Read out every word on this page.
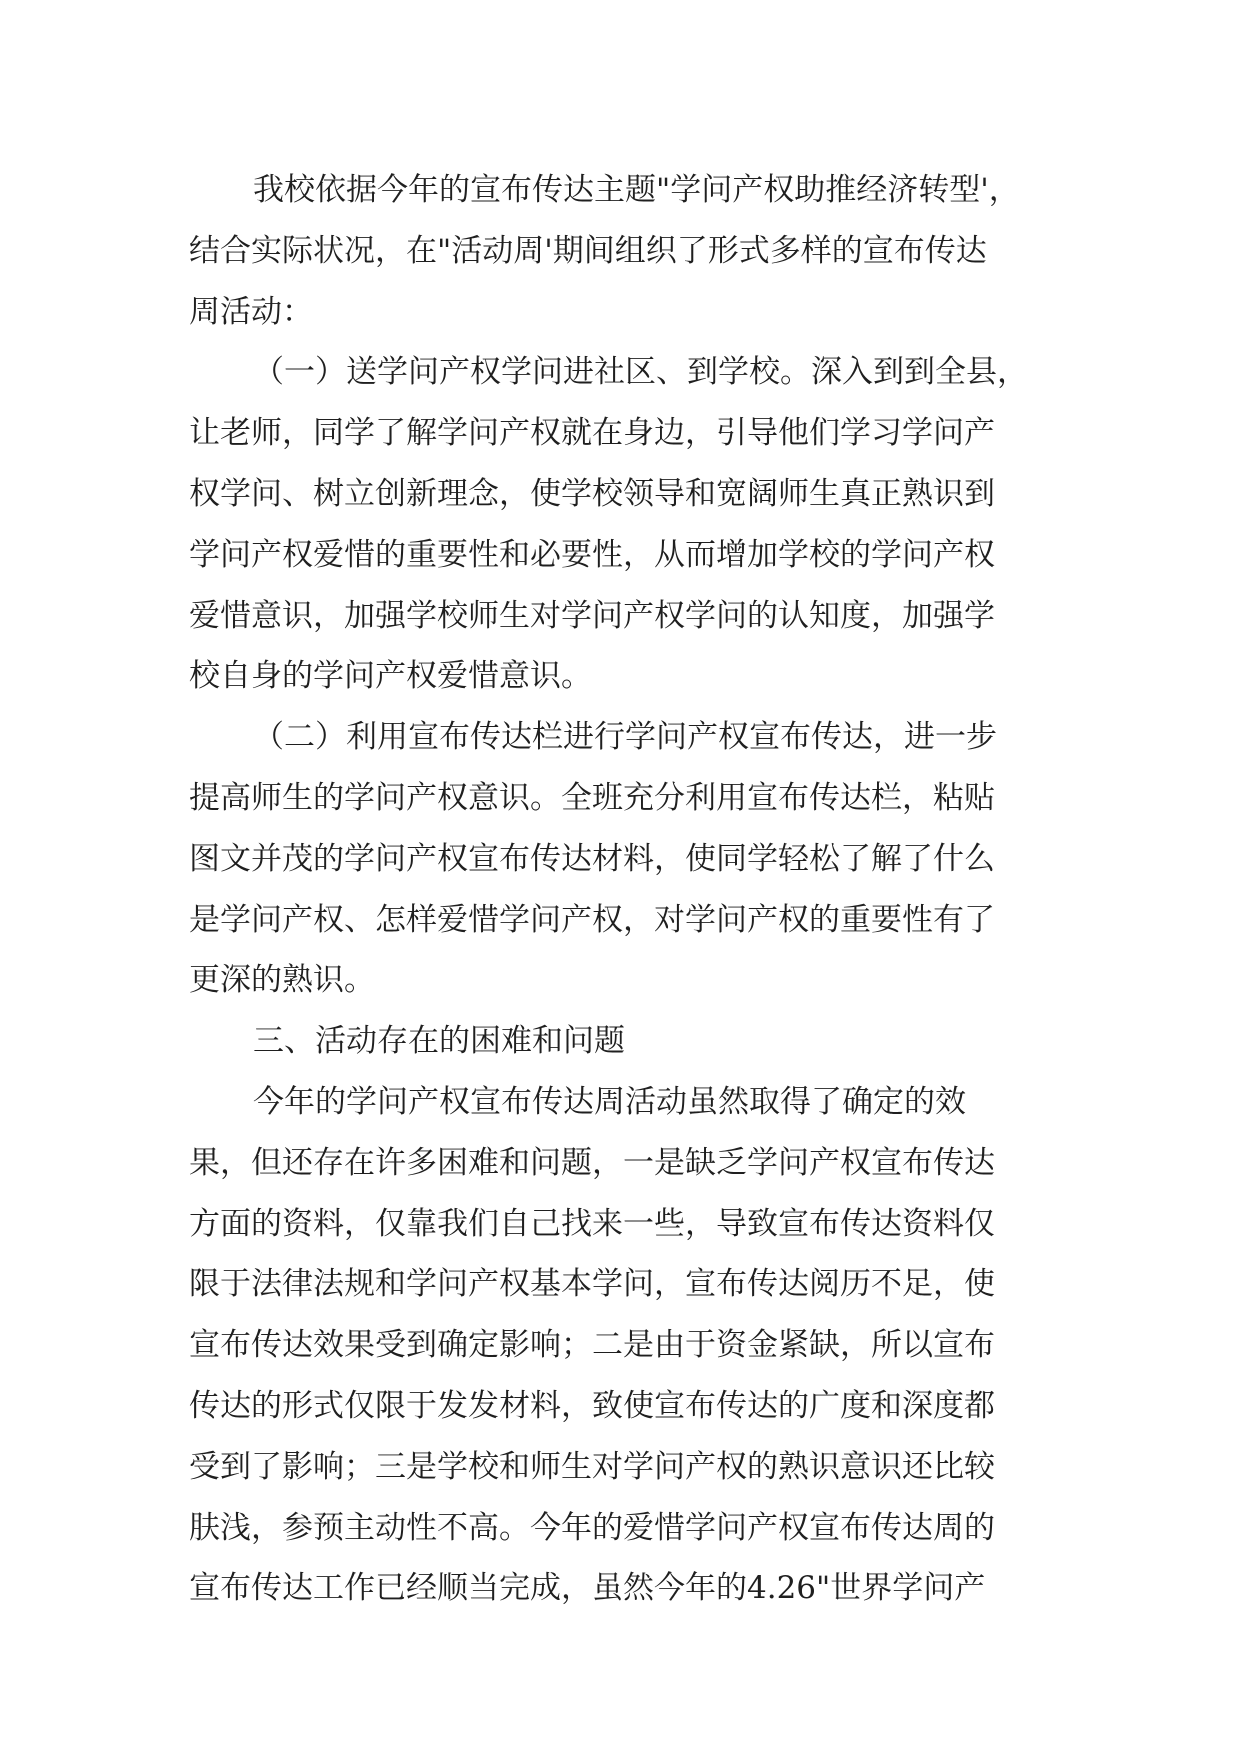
我校依据今年的宣布传达主题"学问产权助推经济转型'，
结合实际状况，在"活动周'期间组织了形式多样的宣布传达
周活动：
（一）送学问产权学问进社区、到学校。深入到到全县，
让老师，同学了解学问产权就在身边，引导他们学习学问产
权学问、树立创新理念，使学校领导和宽阔师生真正熟识到
学问产权爱惜的重要性和必要性，从而增加学校的学问产权
爱惜意识，加强学校师生对学问产权学问的认知度，加强学
校自身的学问产权爱惜意识。
（二）利用宣布传达栏进行学问产权宣布传达，进一步
提高师生的学问产权意识。全班充分利用宣布传达栏，粘贴
图文并茂的学问产权宣布传达材料，使同学轻松了解了什么
是学问产权、怎样爱惜学问产权，对学问产权的重要性有了
更深的熟识。
三、活动存在的困难和问题
今年的学问产权宣布传达周活动虽然取得了确定的效
果，但还存在许多困难和问题，一是缺乏学问产权宣布传达
方面的资料，仅靠我们自己找来一些，导致宣布传达资料仅
限于法律法规和学问产权基本学问，宣布传达阅历不足，使
宣布传达效果受到确定影响；二是由于资金紧缺，所以宣布
传达的形式仅限于发发材料，致使宣布传达的广度和深度都
受到了影响；三是学校和师生对学问产权的熟识意识还比较
肤浅，参预主动性不高。今年的爱惜学问产权宣布传达周的
宣布传达工作已经顺当完成，虽然今年的4.26"世界学问产
